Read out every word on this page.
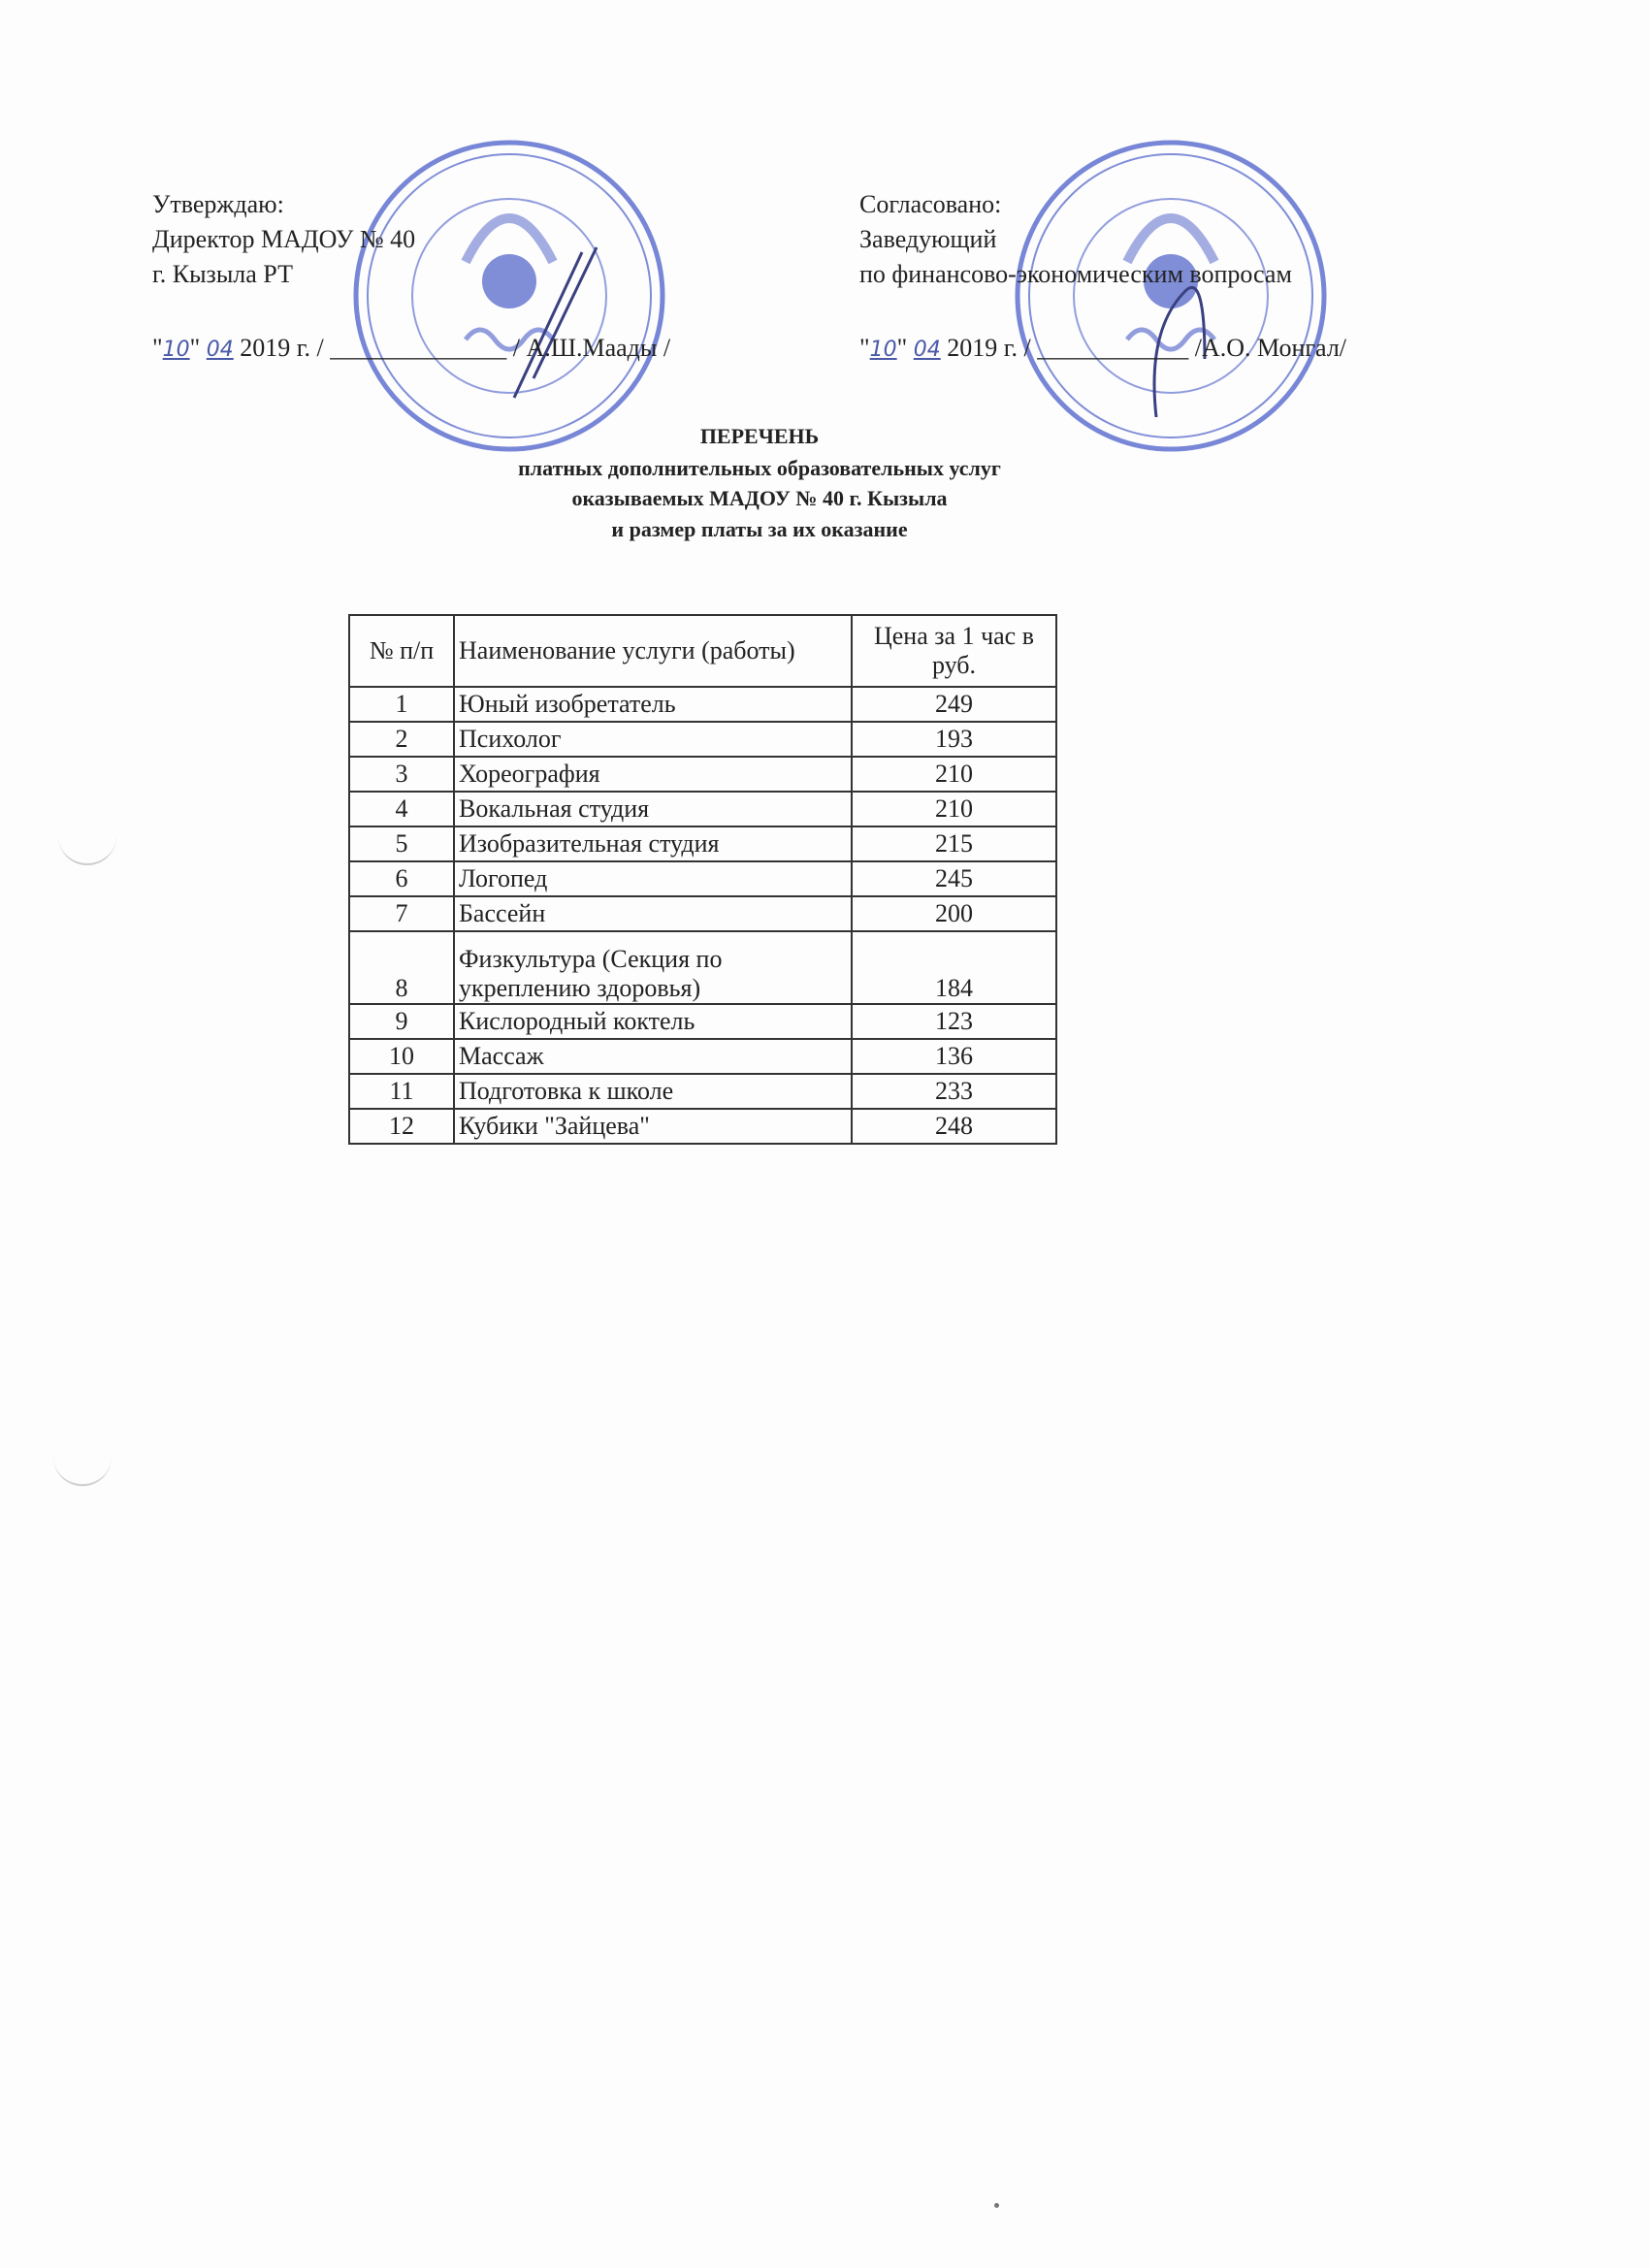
Утверждаю:
Директор МАДОУ № 40
г. Кызыла РТ
"10" 04 2019 г. / ______________ / А.Ш.Маады /
Согласовано:
Заведующий
по финансово-экономическим вопросам
"10" 04 2019 г. / ____________ /А.О. Монгал/
ПЕРЕЧЕНЬ
платных дополнительных образовательных услуг
оказываемых МАДОУ № 40 г. Кызыла
и размер платы за их оказание
№ п/п	Наименование услуги (работы)	Цена за 1 час в руб.
1	Юный изобретатель	249
2	Психолог	193
3	Хореография	210
4	Вокальная студия	210
5	Изобразительная студия	215
6	Логопед	245
7	Бассейн	200
8	Физкультура (Секция по укреплению здоровья)	184
9	Кислородный коктель	123
10	Массаж	136
11	Подготовка к школе	233
12	Кубики "Зайцева"	248
